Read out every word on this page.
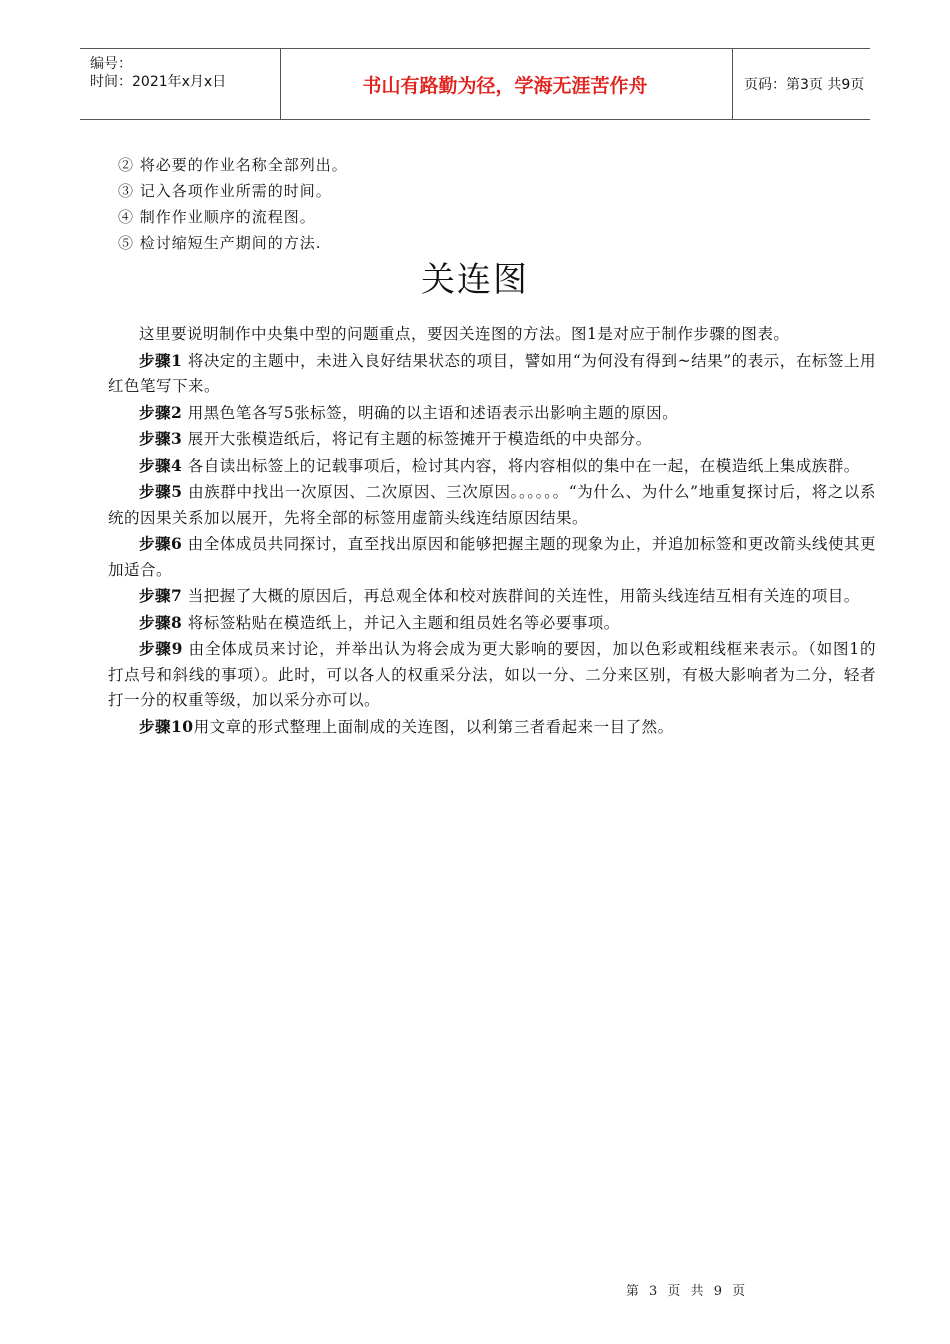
编号：
时间：2021年x月x日	书山有路勤为径，学海无涯苦作舟	页码：第3页 共9页
② 将必要的作业名称全部列出。
③ 记入各项作业所需的时间。
④ 制作作业顺序的流程图。
⑤ 检讨缩短生产期间的方法.
关连图

这里要说明制作中央集中型的问题重点，要因关连图的方法。图1是对应于制作步骤的图表。

步骤1 将决定的主题中，未进入良好结果状态的项目，譬如用“为何没有得到~结果”的表示，在标签上用红色笔写下来。

步骤2 用黑色笔各写5张标签，明确的以主语和述语表示出影响主题的原因。

步骤3 展开大张模造纸后，将记有主题的标签摊开于模造纸的中央部分。

步骤4 各自读出标签上的记载事项后，检讨其内容，将内容相似的集中在一起，在模造纸上集成族群。

步骤5 由族群中找出一次原因、二次原因、三次原因。。。。。。“为什么、为什么”地重复探讨后，将之以系统的因果关系加以展开，先将全部的标签用虚箭头线连结原因结果。

步骤6 由全体成员共同探讨，直至找出原因和能够把握主题的现象为止，并追加标签和更改箭头线使其更加适合。

步骤7 当把握了大概的原因后，再总观全体和校对族群间的关连性，用箭头线连结互相有关连的项目。

步骤8 将标签粘贴在模造纸上，并记入主题和组员姓名等必要事项。

步骤9 由全体成员来讨论，并举出认为将会成为更大影响的要因，加以色彩或粗线框来表示。（如图1的打点号和斜线的事项）。此时，可以各人的权重采分法，如以一分、二分来区别，有极大影响者为二分，轻者打一分的权重等级，加以采分亦可以。

步骤10用文章的形式整理上面制成的关连图，以利第三者看起来一目了然。

第 3 页 共 9 页
